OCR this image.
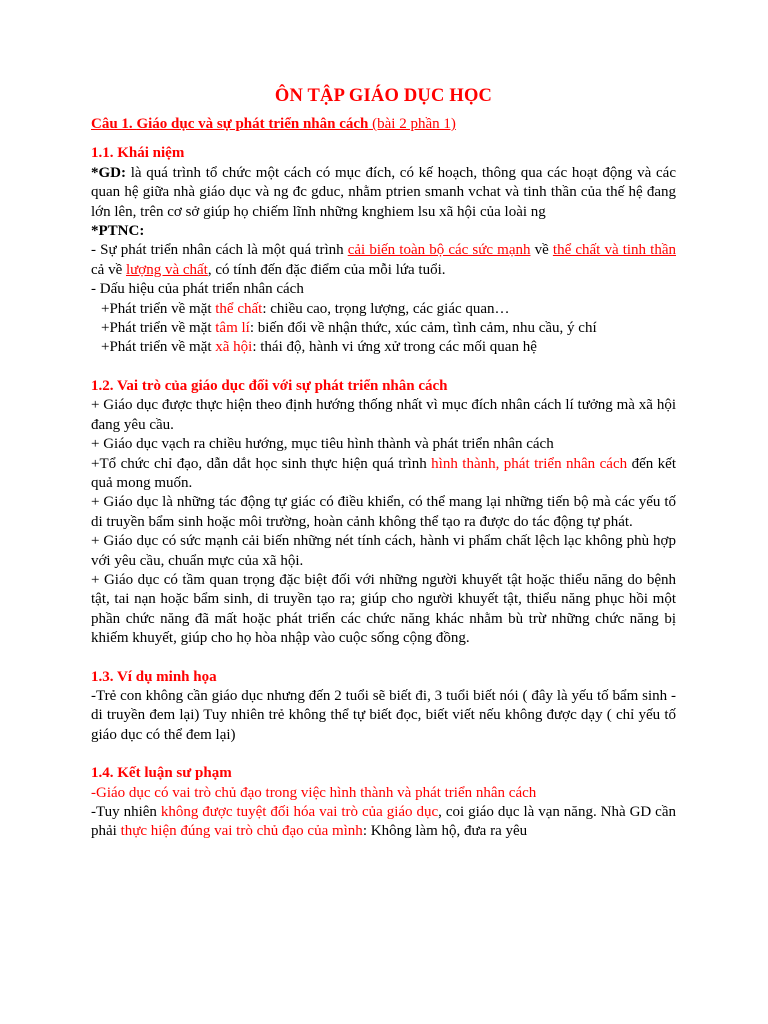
ÔN TẬP GIÁO DỤC HỌC

Câu 1. Giáo dục và sự phát triển nhân cách (bài 2 phần 1)

1.1. Khái niệm

*GD: là quá trình tổ chức một cách có mục đích, có kế hoạch, thông qua các hoạt động và các quan hệ giữa nhà giáo dục và ng đc gduc, nhằm ptrien smanh vchat và tinh thần của thế hệ đang lớn lên, trên cơ sở giúp họ chiếm lĩnh những knghiem lsu xã hội của loài ng

*PTNC:

- Sự phát triển nhân cách là một quá trình cải biến toàn bộ các sức mạnh về thể chất và tinh thần cả về lượng và chất, có tính đến đặc điểm của mỗi lứa tuổi.

- Dấu hiệu của phát triển nhân cách

+Phát triển về mặt thể chất: chiều cao, trọng lượng, các giác quan…

+Phát triển về mặt tâm lí: biến đổi về nhận thức, xúc cảm, tình cảm, nhu cầu, ý chí

+Phát triển về mặt xã hội: thái độ, hành vi ứng xử trong các mối quan hệ

1.2. Vai trò của giáo dục đối với sự phát triển nhân cách

+ Giáo dục được thực hiện theo định hướng thống nhất vì mục đích nhân cách lí tưởng mà xã hội đang yêu cầu.

+ Giáo dục vạch ra chiều hướng, mục tiêu hình thành và phát triển nhân cách

+Tổ chức chỉ đạo, dẫn dắt học sinh thực hiện quá trình hình thành, phát triển nhân cách đến kết quả mong muốn.

+ Giáo dục là những tác động tự giác có điều khiển, có thể mang lại những tiến bộ mà các yếu tố di truyền bẩm sinh hoặc môi trường, hoàn cảnh không thể tạo ra được do tác động tự phát.

+ Giáo dục có sức mạnh cải biến những nét tính cách, hành vi phẩm chất lệch lạc không phù hợp với yêu cầu, chuẩn mực của xã hội.

+ Giáo dục có tầm quan trọng đặc biệt đối với những người khuyết tật hoặc thiểu năng do bệnh tật, tai nạn hoặc bẩm sinh, di truyền tạo ra; giúp cho người khuyết tật, thiểu năng phục hồi một phần chức năng đã mất hoặc phát triển các chức năng khác nhằm bù trừ những chức năng bị khiếm khuyết, giúp cho họ hòa nhập vào cuộc sống cộng đồng.

1.3. Ví dụ minh họa

-Trẻ con không cần giáo dục nhưng đến 2 tuổi sẽ biết đi, 3 tuổi biết nói ( đây là yếu tố bẩm sinh - di truyền đem lại) Tuy nhiên trẻ không thể tự biết đọc, biết viết nếu không được dạy ( chỉ yếu tố giáo dục có thể đem lại)

1.4. Kết luận sư phạm

-Giáo dục có vai trò chủ đạo trong việc hình thành và phát triển nhân cách

-Tuy nhiên không được tuyệt đối hóa vai trò của giáo dục, coi giáo dục là vạn năng. Nhà GD cần phải thực hiện đúng vai trò chủ đạo của mình: Không làm hộ, đưa ra yêu
